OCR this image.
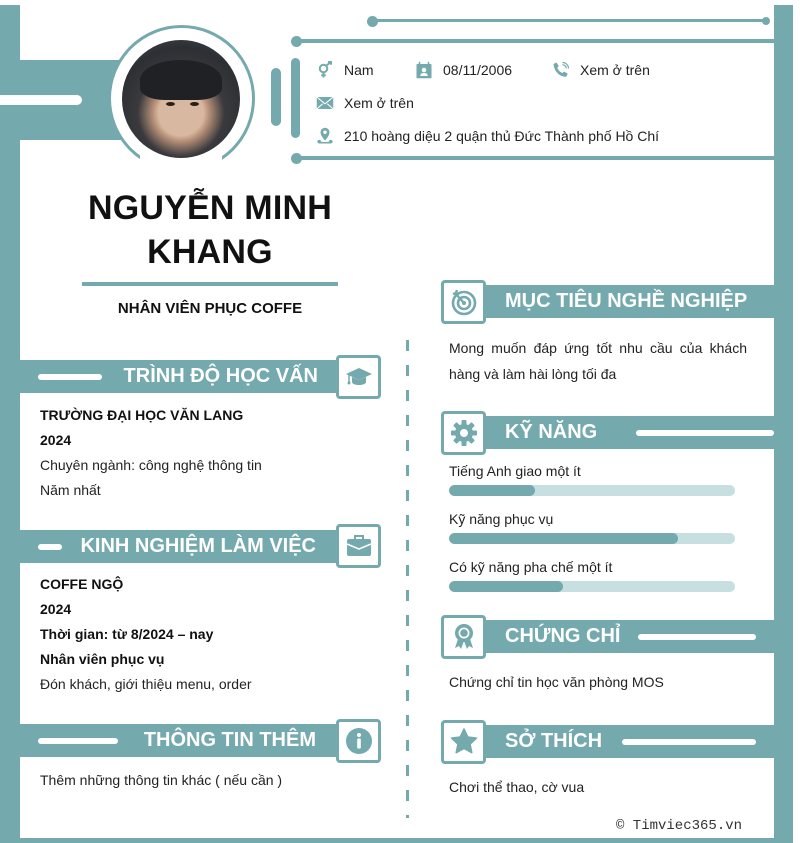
Nam	08/11/2006	Xem ở trên
Xem ở trên
210 hoàng diệu 2 quận thủ Đức Thành phố Hồ Chí
NGUYỄN MINH
KHANG
NHÂN VIÊN PHỤC COFFE
TRÌNH ĐỘ HỌC VẤN
TRƯỜNG ĐẠI HỌC VĂN LANG
2024
Chuyên ngành: công nghệ thông tin
Năm nhất
KINH NGHIỆM LÀM VIỆC
COFFE NGỘ
2024
Thời gian: từ 8/2024 – nay
Nhân viên phục vụ
Đón khách, giới thiệu menu, order
THÔNG TIN THÊM
Thêm những thông tin khác ( nếu cần )
MỤC TIÊU NGHỀ NGHIỆP
Mong muốn đáp ứng tốt nhu cầu của khách hàng và làm hài lòng tối đa
KỸ NĂNG
Tiếng Anh giao một ít
Kỹ năng phục vụ
Có kỹ năng pha chế một ít
CHỨNG CHỈ
Chứng chỉ tin học văn phòng MOS
SỞ THÍCH
Chơi thể thao, cờ vua
© Timviec365.vn
